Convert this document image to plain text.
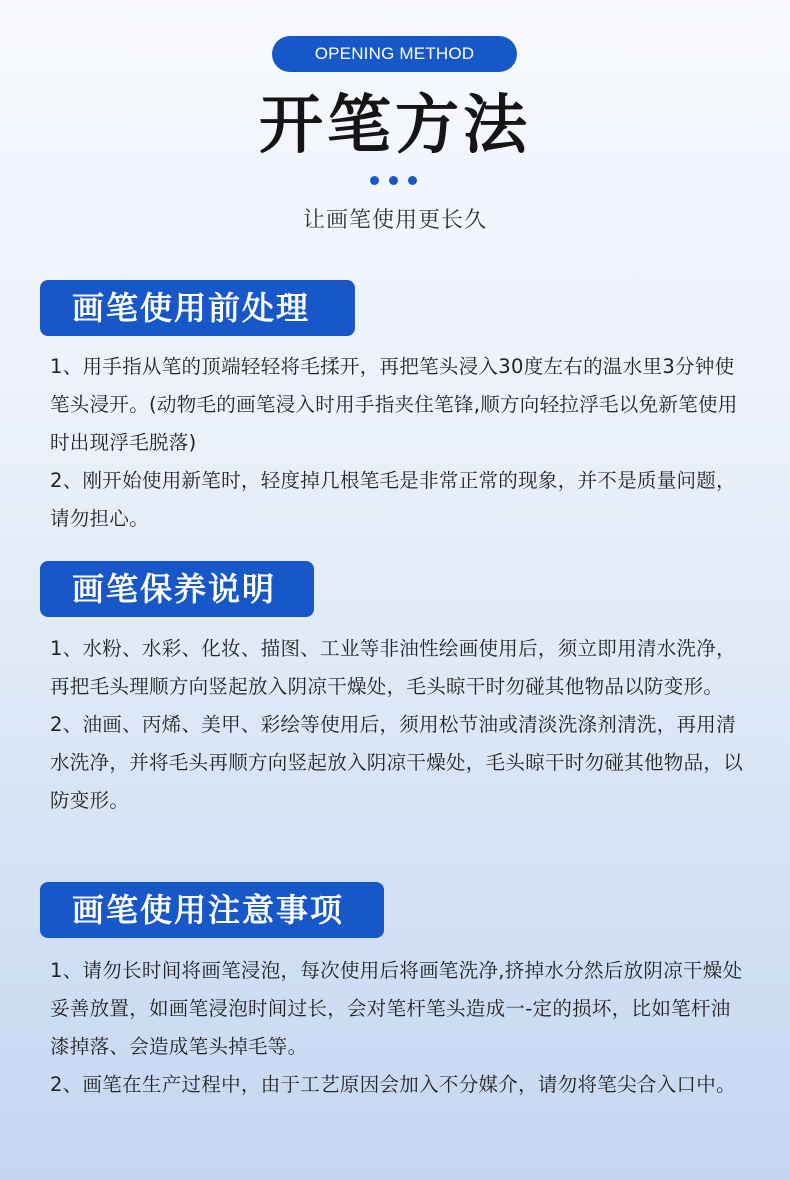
OPENING METHOD
开笔方法
让画笔使用更长久
画笔使用前处理

1、用手指从笔的顶端轻轻将毛揉开，再把笔头浸入30度左右的温水里3分钟使笔头浸开。(动物毛的画笔浸入时用手指夹住笔锋,顺方向轻拉浮毛以免新笔使用时出现浮毛脱落)

2、刚开始使用新笔时，轻度掉几根笔毛是非常正常的现象，并不是质量问题，请勿担心。

画笔保养说明

1、水粉、水彩、化妆、描图、工业等非油性绘画使用后，须立即用清水洗净，再把毛头理顺方向竖起放入阴凉干燥处，毛头晾干时勿碰其他物品以防变形。

2、油画、丙烯、美甲、彩绘等使用后，须用松节油或清淡洗涤剂清洗，再用清水洗净，并将毛头再顺方向竖起放入阴凉干燥处，毛头晾干时勿碰其他物品，以防变形。

画笔使用注意事项

1、请勿长时间将画笔浸泡，每次使用后将画笔洗净,挤掉水分然后放阴凉干燥处妥善放置，如画笔浸泡时间过长，会对笔杆笔头造成一-定的损坏，比如笔杆油漆掉落、会造成笔头掉毛等。

2、画笔在生产过程中，由于工艺原因会加入不分媒介，请勿将笔尖合入口中。
